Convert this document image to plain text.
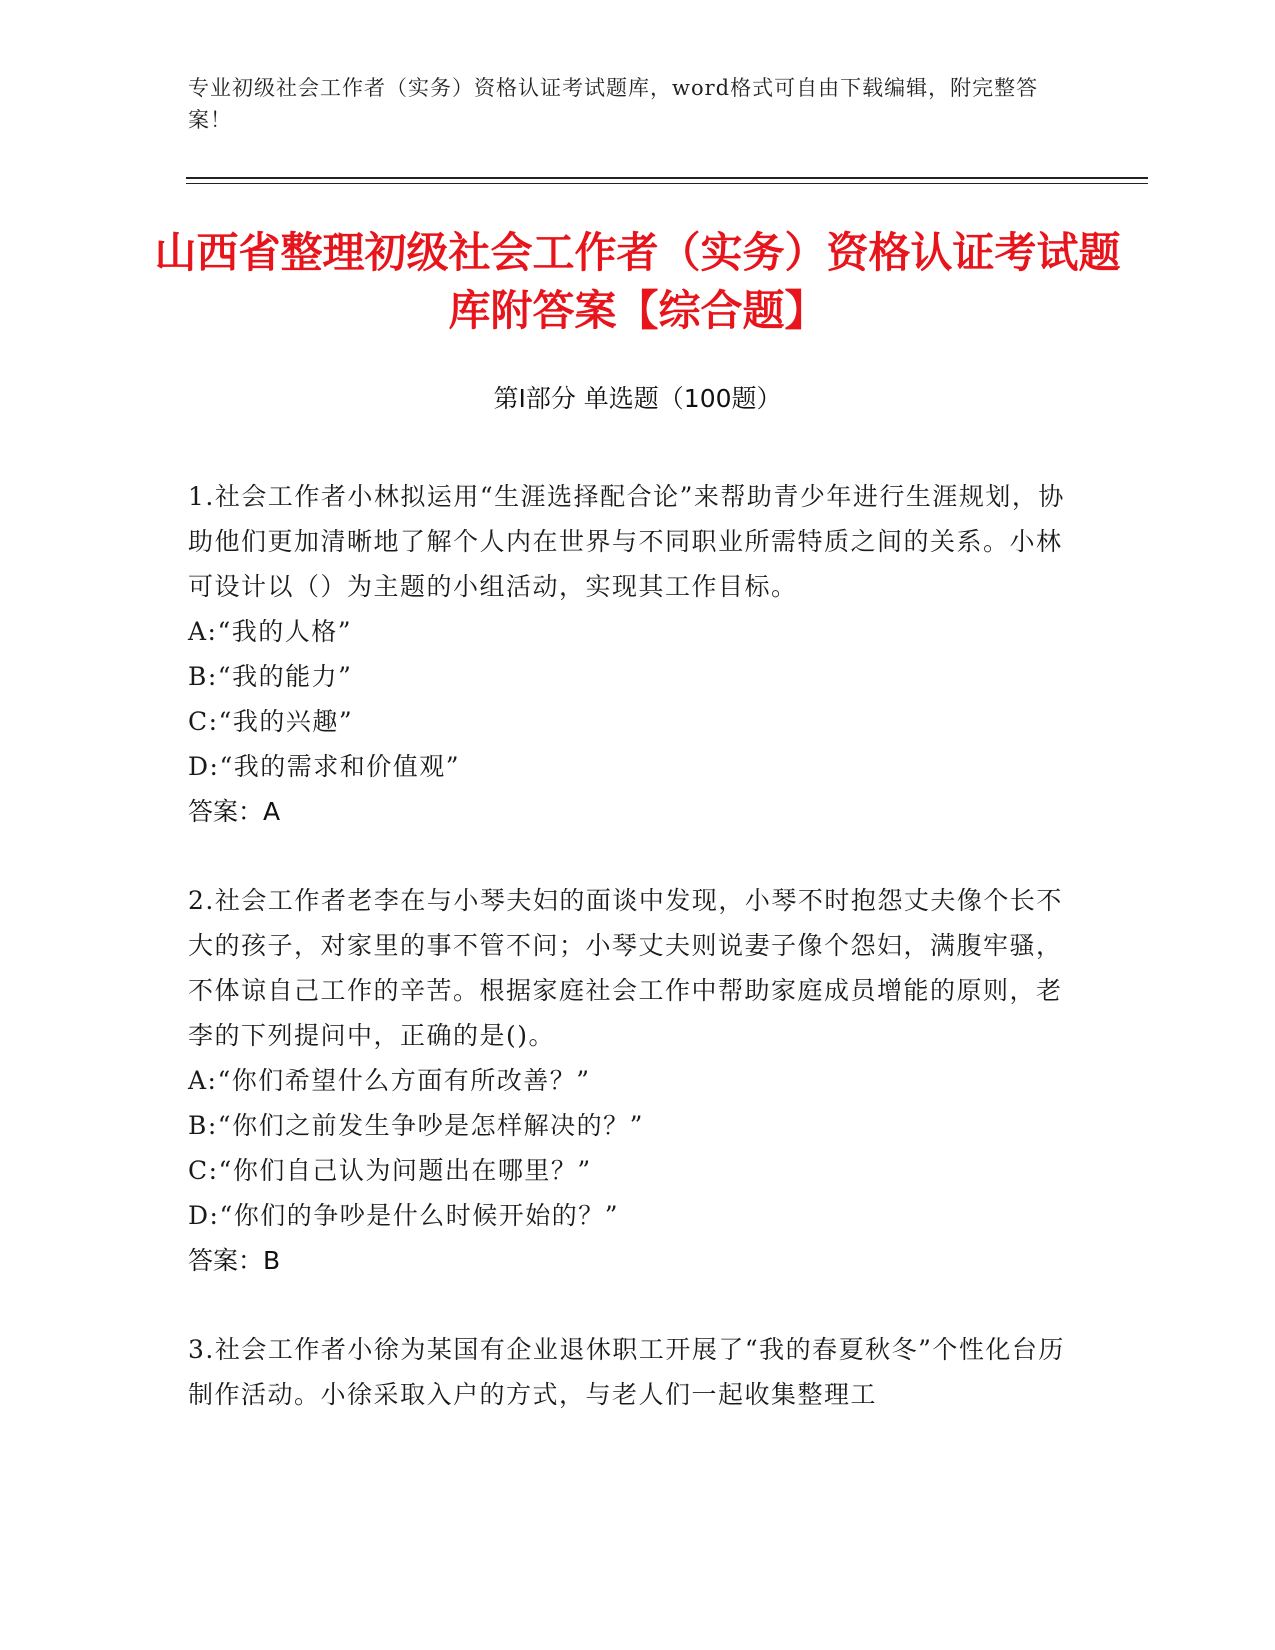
专业初级社会工作者（实务）资格认证考试题库，word格式可自由下载编辑，附完整答案！
山西省整理初级社会工作者（实务）资格认证考试题库附答案【综合题】
第Ⅰ部分 单选题（100题）

1.社会工作者小林拟运用“生涯选择配合论”来帮助青少年进行生涯规划，协助他们更加清晰地了解个人内在世界与不同职业所需特质之间的关系。小林可设计以（）为主题的小组活动，实现其工作目标。

A:“我的人格”

B:“我的能力”

C:“我的兴趣”

D:“我的需求和价值观”

答案：A

2.社会工作者老李在与小琴夫妇的面谈中发现，小琴不时抱怨丈夫像个长不大的孩子，对家里的事不管不问；小琴丈夫则说妻子像个怨妇，满腹牢骚，不体谅自己工作的辛苦。根据家庭社会工作中帮助家庭成员增能的原则，老李的下列提问中，正确的是()。

A:“你们希望什么方面有所改善？”

B:“你们之前发生争吵是怎样解决的？”

C:“你们自己认为问题出在哪里？”

D:“你们的争吵是什么时候开始的？”

答案：B

3.社会工作者小徐为某国有企业退休职工开展了“我的春夏秋冬”个性化台历制作活动。小徐采取入户的方式，与老人们一起收集整理工
